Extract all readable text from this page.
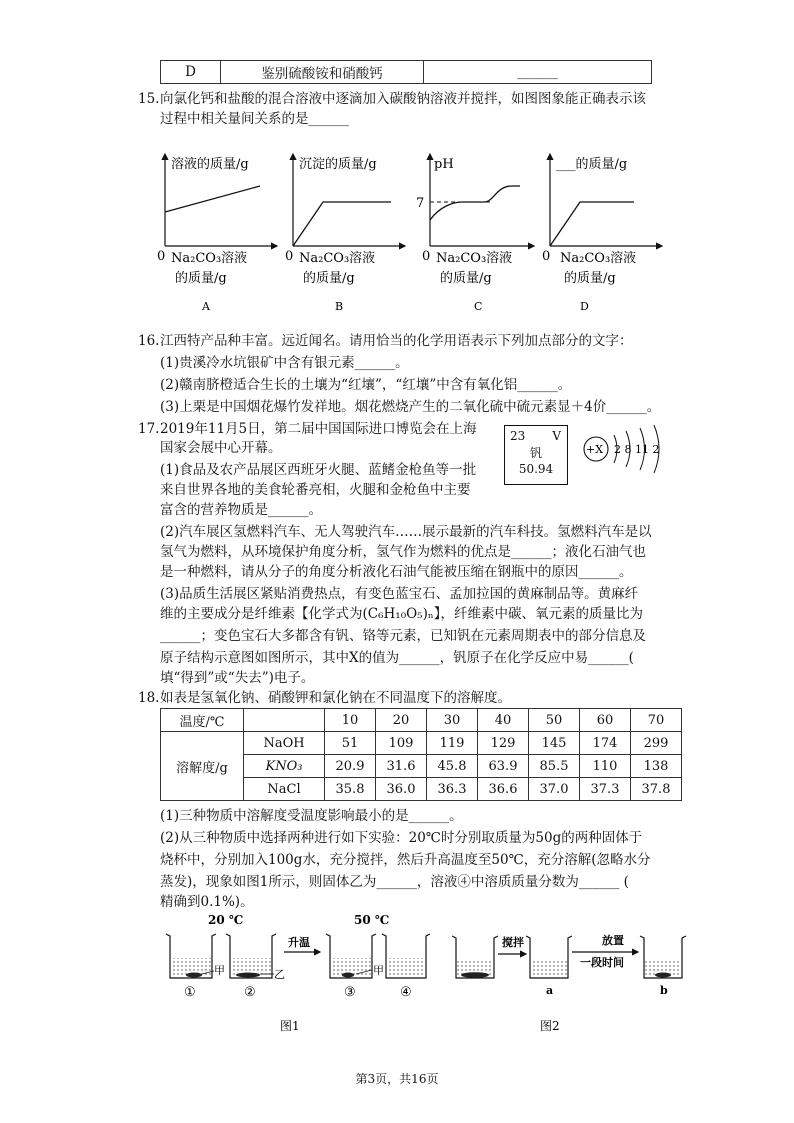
D	鉴别硫酸铵和硝酸钙	______
15. 向氯化钙和盐酸的混合溶液中逐滴加入碳酸钠溶液并搅拌，如图图象能正确表示该
过程中相关量间关系的是______
溶液的质量/g
0 Na₂CO₃溶液
的质量/g
A
沉淀的质量/g
0 Na₂CO₃溶液
的质量/g
B
pH
7
0 Na₂CO₃溶液
的质量/g
C
___的质量/g
0 Na₂CO₃溶液
的质量/g
D
16. 江西特产品种丰富。远近闻名。请用恰当的化学用语表示下列加点部分的文字：
(1)贵溪冷水坑银矿中含有银元素______。
(2)赣南脐橙适合生长的土壤为“红壤”，“红壤”中含有氧化铝______。
(3)上栗是中国烟花爆竹发祥地。烟花燃烧产生的二氧化硫中硫元素显＋4价______。
17. 2019年11月5日，第二届中国国际进口博览会在上海
国家会展中心开幕。
(1)食品及农产品展区西班牙火腿、蓝鳍金枪鱼等一批
来自世界各地的美食轮番亮相，火腿和金枪鱼中主要
富含的营养物质是______。
(2)汽车展区氢燃料汽车、无人驾驶汽车……展示最新的汽车科技。氢燃料汽车是以
氢气为燃料，从环境保护角度分析，氢气作为燃料的优点是______；液化石油气也
是一种燃料，请从分子的角度分析液化石油气能被压缩在钢瓶中的原因______。
(3)品质生活展区紧贴消费热点，有变色蓝宝石、孟加拉国的黄麻制品等。黄麻纤
维的主要成分是纤维素【化学式为(C₆H₁₀O₅)ₙ】，纤维素中碳、氧元素的质量比为
______；变色宝石大多都含有钒、铬等元素，已知钒在元素周期表中的部分信息及
原子结构示意图如图所示，其中X的值为______，钒原子在化学反应中易______(
填“得到”或“失去”)电子。
23 V
钒
50.94
+X 2 8 11 2
18. 如表是氢氧化钠、硝酸钾和氯化钠在不同温度下的溶解度。
温度/℃		10	20	30	40	50	60	70
溶解度/g	NaOH	51	109	119	129	145	174	299
	KNO₃	20.9	31.6	45.8	63.9	85.5	110	138
	NaCl	35.8	36.0	36.3	36.6	37.0	37.3	37.8
(1)三种物质中溶解度受温度影响最小的是______。
(2)从三种物质中选择两种进行如下实验：20℃时分别取质量为50g的两种固体于
烧杯中，分别加入100g水，充分搅拌，然后升高温度至50℃，充分溶解(忽略水分
蒸发)，现象如图1所示，则固体乙为______，溶液④中溶质质量分数为______ (
精确到0.1%)。
20 ℃	50 ℃
甲
①
乙
②
升温
甲
③	④
图1
搅拌
a
放置
一段时间
b
图2
第3页，共16页
